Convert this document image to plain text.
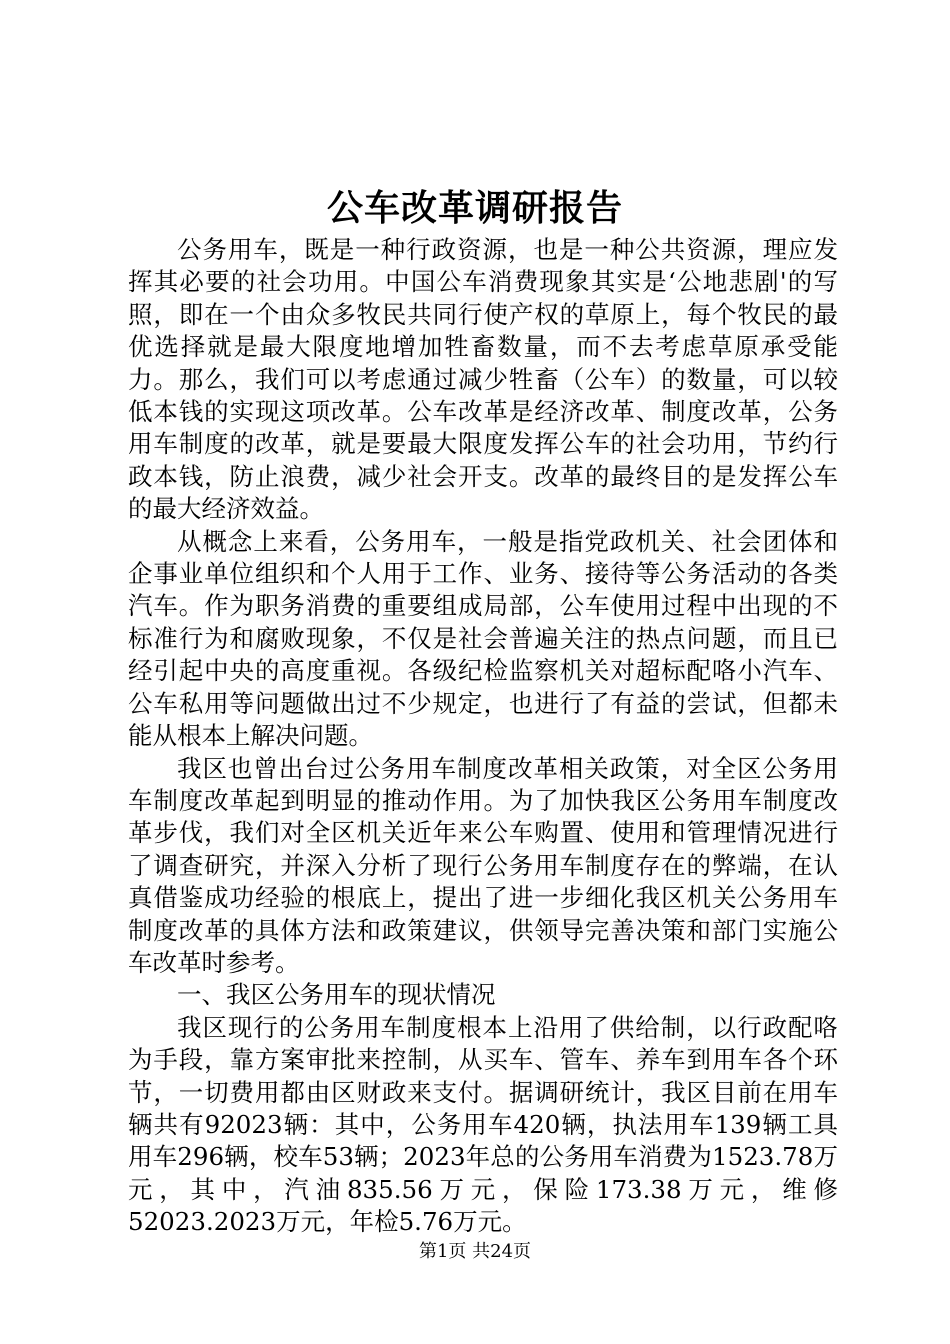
公车改革调研报告

公务用车，既是一种行政资源，也是一种公共资源，理应发挥其必要的社会功用。中国公车消费现象其实是‘公地悲剧'的写照，即在一个由众多牧民共同行使产权的草原上，每个牧民的最优选择就是最大限度地增加牲畜数量，而不去考虑草原承受能力。那么，我们可以考虑通过减少牲畜（公车）的数量，可以较低本钱的实现这项改革。公车改革是经济改革、制度改革，公务用车制度的改革，就是要最大限度发挥公车的社会功用，节约行政本钱，防止浪费，减少社会开支。改革的最终目的是发挥公车的最大经济效益。

从概念上来看，公务用车，一般是指党政机关、社会团体和企事业单位组织和个人用于工作、业务、接待等公务活动的各类汽车。作为职务消费的重要组成局部，公车使用过程中出现的不标准行为和腐败现象，不仅是社会普遍关注的热点问题，而且已经引起中央的高度重视。各级纪检监察机关对超标配咯小汽车、公车私用等问题做出过不少规定，也进行了有益的尝试，但都未能从根本上解决问题。

我区也曾出台过公务用车制度改革相关政策，对全区公务用车制度改革起到明显的推动作用。为了加快我区公务用车制度改革步伐，我们对全区机关近年来公车购置、使用和管理情况进行了调查研究，并深入分析了现行公务用车制度存在的弊端，在认真借鉴成功经验的根底上，提出了进一步细化我区机关公务用车制度改革的具体方法和政策建议，供领导完善决策和部门实施公车改革时参考。

一、我区公务用车的现状情况

我区现行的公务用车制度根本上沿用了供给制，以行政配咯为手段，靠方案审批来控制，从买车、管车、养车到用车各个环节，一切费用都由区财政来支付。据调研统计，我区目前在用车辆共有92023辆：其中，公务用车420辆，执法用车139辆工具用车296辆，校车53辆；2023年总的公务用车消费为1523.78万元，其中，汽油835.56万元，保险173.38万元，维修52023.2023万元，年检5.76万元。

第1页 共24页
